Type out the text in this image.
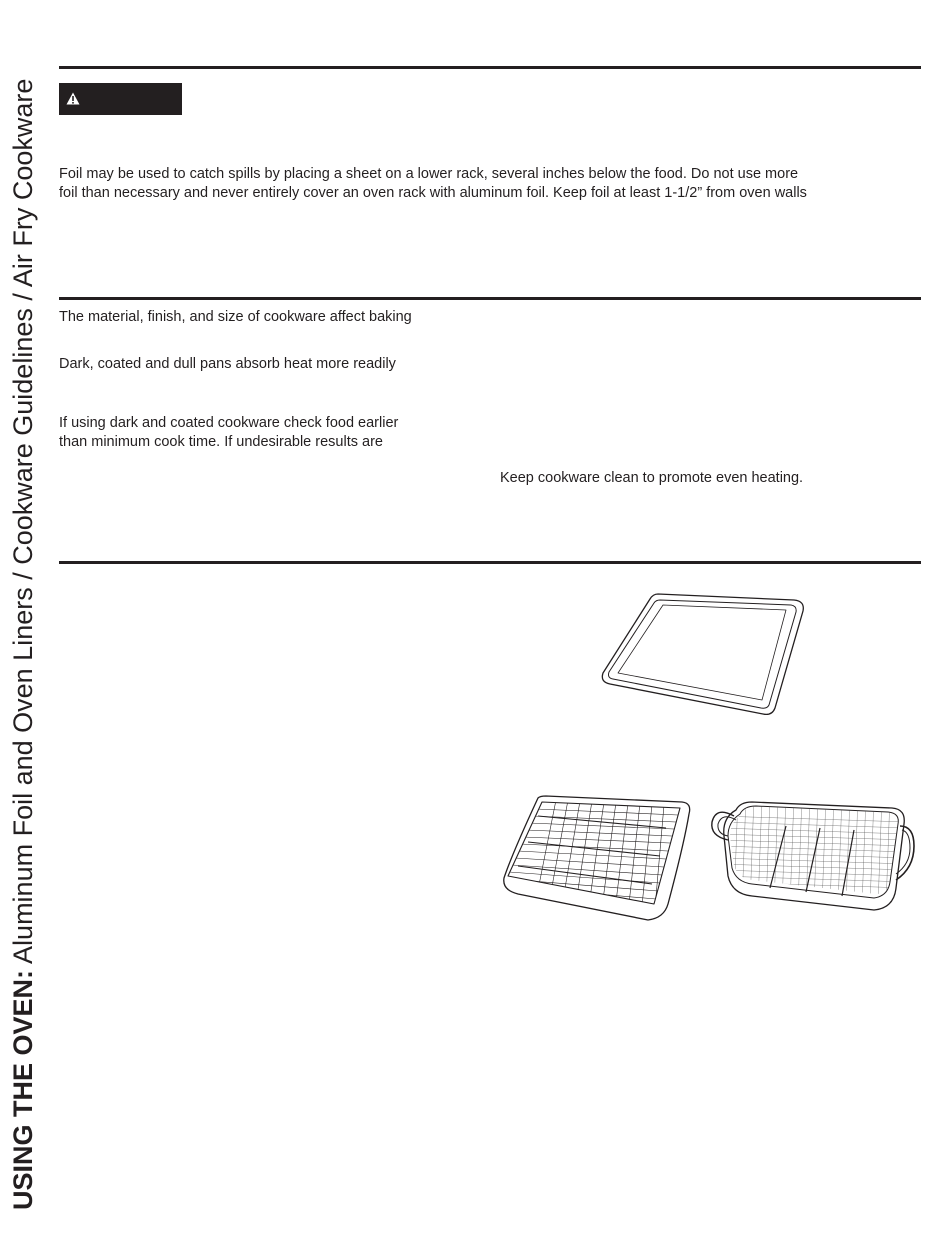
USING THE OVEN: Aluminum Foil and Oven Liners / Cookware Guidelines / Air Fry Cookware	Foil may be used to catch spills by placing a sheet on a lower rack, several inches below the food. Do not use more
foil than necessary and never entirely cover an oven rack with aluminum foil. Keep foil at least 1-1/2” from oven walls
The material, finish, and size of cookware affect baking
Dark, coated and dull pans absorb heat more readily
If using dark and coated cookware check food earlier
than minimum cook time. If undesirable results are
Keep cookware clean to promote even heating.
